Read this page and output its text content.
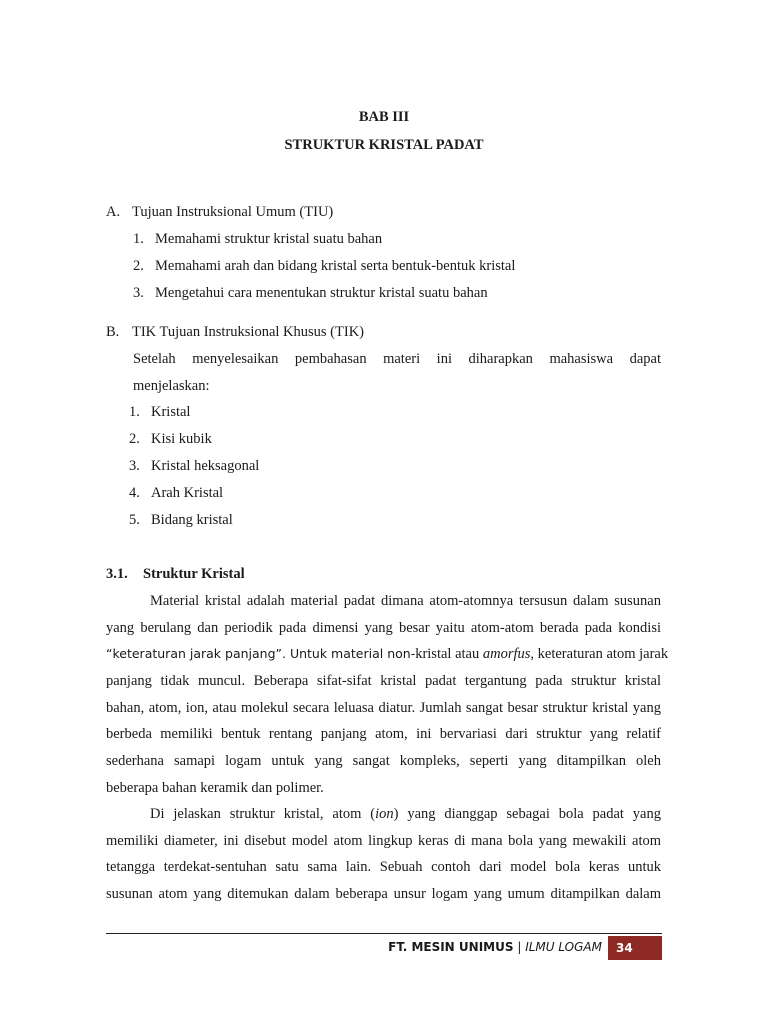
BAB III
STRUKTUR KRISTAL PADAT
A. Tujuan Instruksional Umum (TIU)
1. Memahami struktur kristal suatu bahan
2. Memahami arah dan bidang kristal serta bentuk-bentuk kristal
3. Mengetahui cara menentukan struktur kristal suatu bahan
B. TIK Tujuan Instruksional Khusus (TIK)
Setelah menyelesaikan pembahasan materi ini diharapkan mahasiswa dapat
menjelaskan:
1. Kristal
2. Kisi kubik
3. Kristal heksagonal
4. Arah Kristal
5. Bidang kristal
3.1. Struktur Kristal
Material kristal adalah material padat dimana atom-atomnya tersusun dalam susunan
yang berulang dan periodik pada dimensi yang besar yaitu atom-atom berada pada kondisi
“keteraturan jarak panjang”. Untuk material non-kristal atau amorfus, keteraturan atom jarak
panjang tidak muncul. Beberapa sifat-sifat kristal padat tergantung pada struktur kristal
bahan, atom, ion, atau molekul secara leluasa diatur. Jumlah sangat besar struktur kristal yang
berbeda memiliki bentuk rentang panjang atom, ini bervariasi dari struktur yang relatif
sederhana samapi logam untuk yang sangat kompleks, seperti yang ditampilkan oleh
beberapa bahan keramik dan polimer.
Di jelaskan struktur kristal, atom (ion) yang dianggap sebagai bola padat yang
memiliki diameter, ini disebut model atom lingkup keras di mana bola yang mewakili atom
tetangga terdekat-sentuhan satu sama lain. Sebuah contoh dari model bola keras untuk
susunan atom yang ditemukan dalam beberapa unsur logam yang umum ditampilkan dalam
FT. MESIN UNIMUS | ILMU LOGAM	34
